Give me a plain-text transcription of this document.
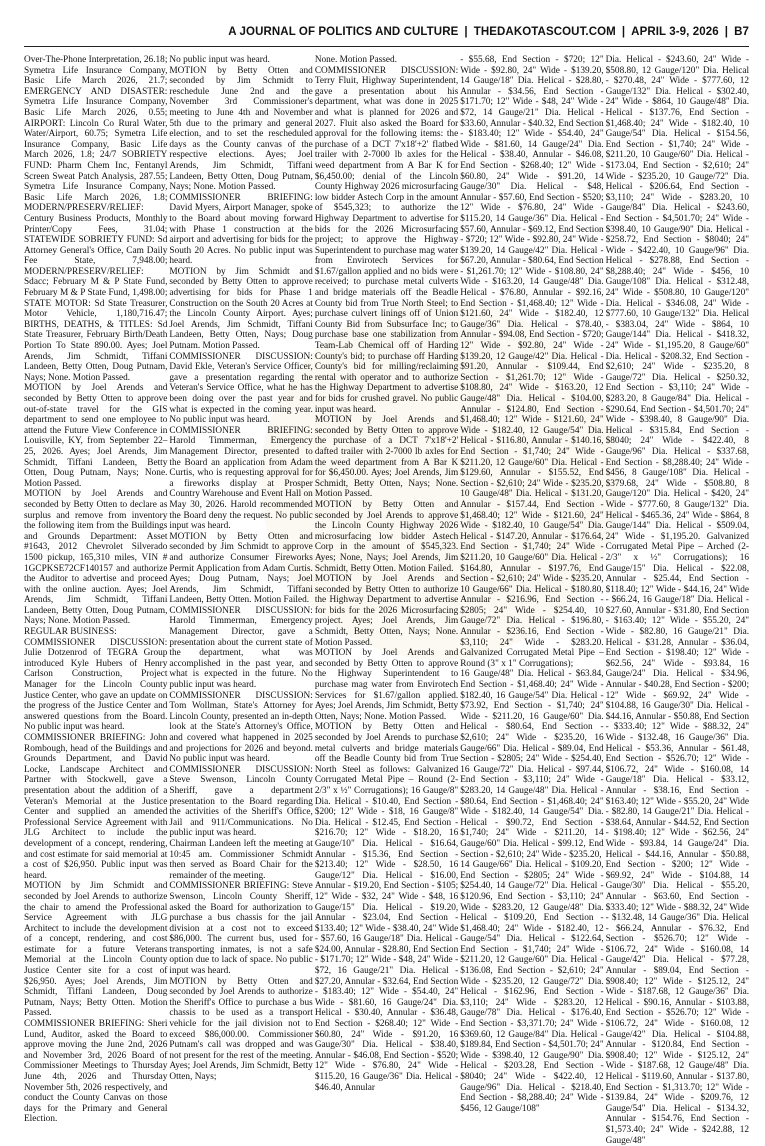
A JOURNAL OF POLITICS AND CULTURE | THEDAKOTASCOUT.COM | APRIL 3-9, 2026 | B7

Over-The-Phone Interpretation, 26.18; Symetra Life Insurance Company, Basic Life March 2026, 21.7; EMERGENCY AND DISASTER: Symetra Life Insurance Company, Basic Life March 2026, 0.55; AIRPORT: Lincoln Co Rural Water, Water/Airport, 60.75; Symetra Life Insurance Company, Basic Life March 2026, 1.8; 24/7 SOBRIETY FUND: Pharm Chem Inc, Fentanyl Screen Sweat Patch Analysis, 287.55; Symetra Life Insurance Company, Basic Life March 2026, 1.8; MODERN/PRESERV/RELIEF: Century Business Products, Monthly Printer/Copy Fees, 31.04; STATEWIDE SOBRIETY FUND: Sd Attorney General's Office, Cam Daily Fee State, 7,948.00; MODERN/PRESERV/RELIEF: Sdacc; February M & P State Fund, February M & P State Fund, 1,498.00; STATE MOTOR: Sd State Treasurer, Motor Vehicle, 1,180,716.47; BIRTHS, DEATHS, & TITLES: Sd State Treasurer, February Birth/Death Portion To State 890.00. Ayes; Joel Arends, Jim Schmidt, Tiffani Landeen, Betty Otten, Doug Putnam, Nays; None. Motion Passed.

MOTION by Joel Arends and seconded by Betty Otten to approve out-of-state travel for the GIS department to send one employee to attend the Future View Conference in Louisville, KY, from September 22–25, 2026. Ayes; Joel Arends, Jim Schmidt, Tiffani Landeen, Betty Otten, Doug Putnam, Nays; None. Motion Passed.

MOTION by Joel Arends and seconded by Betty Otten to declare as surplus and remove from inventory the following item from the Buildings and Grounds Department: Asset #1643, 2012 Chevrolet Silverado 1500 pickup, 165,310 miles, VIN # 1GCPKSE72CF140157 and authorize the Auditor to advertise and proceed with the online auction. Ayes; Joel Arends, Jim Schmidt, Tiffani Landeen, Betty Otten, Doug Putnam, Nays; None. Motion Passed.

REGULAR BUSINESS:

COMMISSIONER DISCUSSION: Julie Dotzenrod of TEGRA Group introduced Kyle Hubers of Henry Carlson Construction, Project Manager for the Lincoln County Justice Center, who gave an update on the progress of the Justice Center and answered questions from the Board. No public input was heard.

COMMISSIONER BRIEFING: John Rombough, head of the Buildings and Grounds Department, and David Locke, Landscape Architect and Partner with Stockwell, gave a presentation about the addition of a Veteran's Memorial at the Justice Center and supplied an amended Professional Service Agreement with JLG Architect to include the development of a concept, rendering, and cost estimate for said memorial at a cost of $26,950. Public input was heard.

MOTION by Jim Schmidt and seconded by Joel Arends to authorize the chair to amend the Professional Service Agreement with JLG Architect to include the development of a concept, rendering, and cost estimate for a future Veterans Memorial at the Lincoln County Justice Center site for a cost of $26,950. Ayes; Joel Arends, Jim Schmidt, Tiffani Landeen, Doug Putnam, Nays; Betty Otten. Motion Passed.

COMMISSIONER BRIEFING: Sheri Lund, Auditor, asked the Board to approve moving the June 2nd, 2026 and November 3rd, 2026 Board of Commissioner Meetings to Thursday June 4th, 2026 and Thursday November 5th, 2026 respectively, and conduct the County Canvas on those days for the Primary and General Election.

No public input was heard.

MOTION by Betty Otten and seconded by Jim Schmidt to reschedule June 2nd and the November 3rd Commissioner's meeting to June 4th and November 5th due to the primary and general election, and to set the rescheduled days as the County canvas of the respective elections. Ayes; Joel Arends, Jim Schmidt, Tiffani Landeen, Betty Otten, Doug Putnam, Nays; None. Motion Passed.

COMMISSIONER BRIEFING: David Myers, Airport Manager, spoke to the Board about moving forward with Phase 1 construction at the airport and advertising for bids for the South 20 Acres. No public input was heard.

MOTION by Jim Schmidt and seconded by Betty Otten to approve advertising for bids for Phase 1 Construction on the South 20 Acres at the Lincoln County Airport. Ayes; Joel Arends, Jim Schmidt, Tiffani Landeen, Betty Otten, Nays; Doug Putnam. Motion Passed.

COMMISSIONER DISCUSSION: David Ekle, Veteran's Service Officer, gave a presentation regarding the Veteran's Service Office, what he has been doing over the past year and what is expected in the coming year. No public input was heard.

COMMISSIONER BRIEFING: Harold Timmerman, Emergency Management Director, presented to the Board an application from Adam Curtis, who is requesting approval for a fireworks display at Prosper Country Warehouse and Event Hall on May 30, 2026. Harold recommended the Board deny the request. No public input was heard.

MOTION by Betty Otten and seconded by Jim Schmidt to approve and authorize Consumer Fireworks Permit Application from Adam Curtis. Ayes; Doug Putnam, Nays; Joel Arends, Jim Schmidt, Tiffani Landeen, Betty Otten. Motion Failed.

COMMISSIONER DISCUSSION: Harold Timmerman, Emergency Management Director, gave a presentation about the current state of the department, what was accomplished in the past year, and what is expected in the future. No public input was heard.

COMMISSIONER DISCUSSION: Tom Wollman, State's Attorney for Lincoln County, presented an in-depth look at the State's Attorney's Office, and covered what happened in 2025 and projections for 2026 and beyond. No public input was heard.

COMMISSIONER DISCUSSION: Steve Swenson, Lincoln County Sheriff, gave a department presentation to the Board regarding the activities of the Sheriff's Office, Jail and 911/Communications. No public input was heard.

Chairman Landeen left the meeting at 10:45 am. Commissioner Schmidt then served as Board Chair for the remainder of the meeting.

COMMISSIONER BRIEFING: Steve Swenson, Lincoln County Sheriff, asked the Board for authorization to purchase a bus chassis for the jail division at a cost not to exceed $86,000. The current bus, used for transporting inmates, is not a safe option due to lack of space. No public input was heard.

MOTION by Betty Otten and seconded by Joel Arends to authorize the Sheriff's Office to purchase a bus chassis to be used as a transport vehicle for the jail division not to exceed $86,000.00. Commissioner Putnam's call was dropped and was not present for the rest of the meeting. Ayes; Joel Arends, Jim Schmidt, Betty Otten, Nays;

None. Motion Passed.

COMMISSIONER DISCUSSION: Terry Fluit, Highway Superintendent, gave a presentation about his department, what was done in 2025 and what is planned for 2026 and 2027. Fluit also asked the Board for approval for the following items: the purchase of a DCT 7'x18'+2' flatbed trailer with 2-7000 lb axles for the weed department from A Bar K for $6,450.00; denial of the Lincoln County Highway 2026 microsurfacing low bidder Astech Corp in the amount of $545,323; to authorize the Highway Department to advertise for bids for the 2026 Microsurfacing project; to approve the Highway Superintendent to purchase mag water from Envirotech Services for $1.67/gallon applied and no bids were received; to purchase metal culverts and bridge materials off the Beadle County bid from True North Steel; to purchase culvert linings off of Union County Bid from Subsurface Inc; to purchase base one stabilization from Team-Lab Chemical off of Harding County's bid; to purchase off Harding County's bid for milling/reclaiming rental with operator and to authorize the Highway Department to advertise for bids for crushed gravel. No public input was heard.

MOTION by Joel Arends and seconded by Betty Otten to approve the purchase of a DCT 7'x18'+2' dafted trailer with 2-7000 lb axles for the weed department from A Bar K for $6,450.00. Ayes; Joel Arends, Jim Schmidt, Betty Otten, Nays; None. Motion Passed.

MOTION by Betty Otten and seconded by Joel Arends to approve the Lincoln County Highway 2026 microsurfacing low bidder Astech Corp in the amount of $545,323. Ayes; None, Nays; Joel Arends, Jim Schmidt, Betty Otten. Motion Failed.

MOTION by Joel Arends and seconded by Betty Otten to authorize the Highway Department to advertise for bids for the 2026 Microsurfacing project. Ayes; Joel Arends, Jim Schmidt, Betty Otten, Nays; None. Motion Passed.

MOTION by Joel Arends and seconded by Betty Otten to approve the Highway Superintendent to purchase mag water from Envirotech Services for $1.67/gallon applied. Ayes; Joel Arends, Jim Schmidt, Betty Otten, Nays; None. Motion Passed.

MOTION by Betty Otten and seconded by Joel Arends to purchase metal culverts and bridge materials off the Beadle County bid from True North Steel as follows: Galvanized Corrugated Metal Pipe – Round (2-2/3" x ½" Corrugations); 16 Gauge/8" Dia. Helical - $10.40, End Section - $200; 12" Wide - $18, 16 Gauge/8" Dia. Helical - $12.45, End Section - $216.70; 12" Wide - $18.20, 16 Gauge/10" Dia. Helical - $16.64, Annular - $15.36, End Section - $213.40; 12" Wide - $28.50, 16 Gauge/12" Dia. Helical - $16.00, Annular - $19.20, End Section - $105; 12" Wide - $32, 24" Wide - $48, 16 Gauge/15" Dia. Helical - $19.20, Annular - $23.04, End Section - $133.40; 12" Wide - $38.40, 24" Wide - $57.60, 16 Gauge/18" Dia. Helical - $24.00, Annular - $28.80, End Section - $171.70; 12" Wide - $48, 24" Wide - $72, 16 Gauge/21" Dia. Helical - $27.20, Annular - $32.64, End Section - $183.40; 12" Wide - $54.40, 24" Wide - $81.60, 16 Gauge/24" Dia. Helical - $30.40, Annular - $36.48, End Section - $268.40; 12" Wide - $60.80, 24" Wide - $91.20, 16 Gauge/30" Dia. Helical - $38.40, Annular - $46.08, End Section - $520; 12" Wide - $76.80, 24" Wide - $115.20, 16 Gauge/36" Dia. Helical - $46.40, Annular

- $55.68, End Section - $720; 12" Wide - $92.80, 24" Wide - $139.20, 14 Gauge/18" Dia. Helical - $28.80, Annular - $34.56, End Section - $171.70; 12" Wide - $48, 24" Wide - $72, 14 Gauge/21" Dia. Helical - $33.60, Annular - $40.32, End Section - $183.40; 12" Wide - $54.40, 24" Wide - $81.60, 14 Gauge/24" Dia. Helical - $38.40, Annular - $46.08, End Section - $268.40; 12" Wide - $60.80, 24" Wide - $91.20, 14 Gauge/30" Dia. Helical - $48, Annular - $57.60, End Section - $520; 12" Wide - $76.80, 24" Wide - $115.20, 14 Gauge/36" Dia. Helical - $57.60, Annular - $69.12, End Section - $720; 12" Wide - $92.80, 24" Wide - $139.20, 14 Gauge/42" Dia. Helical - $67.20, Annular - $80.64, End Section - $1,261.70; 12" Wide - $108.80, 24" Wide - $163.20, 14 Gauge/48" Dia. Helical - $76.80, Annular - $92.16, End Section - $1,468.40; 12" Wide - $121.60, 24" Wide - $182.40, 12 Gauge/36" Dia. Helical - $78.40, Annular - $94.08, End Section - $720; 12" Wide - $92.80, 24" Wide - $139.20, 12 Gauge/42" Dia. Helical - $91.20, Annular - $109.44, End Section - $1,261.70; 12" Wide - $108.80, 24" Wide - $163.20, 12 Gauge/48" Dia. Helical - $104.00, Annular - $124.80, End Section - $1,468.40; 12" Wide - $121.60, 24" Wide - $182.40, 12 Gauge/54" Dia. Helical - $116.80, Annular - $140.16, End Section - $1,740; 24" Wide - $211.20, 12 Gauge/60" Dia. Helical - $129.60, Annular - $155.52, End Section - $2,610; 24" Wide - $235.20, 10 Gauge/48" Dia. Helical - $131.20, Annular - $157.44, End Section - $1,468.40; 12" Wide - $121.60, 24" Wide - $182.40, 10 Gauge/54" Dia. Helical - $147.20, Annular - $176.64, End Section - $1,740; 24" Wide - $211.20, 10 Gauge/60" Dia. Helical - $164.80, Annular - $197.76, End Section - $2,610; 24" Wide - $235.20, 10 Gauge/66" Dia. Helical - $180.80, Annular - $216.96, End Section - $2805; 24" Wide - $254.40, 10 Gauge/72" Dia. Helical - $196.80, Annular - $236.16, End Section - $3,110; 24" Wide - $283.20. Galvanized Corrugated Metal Pipe – Round (3" x 1" Corrugations);

16 Gauge/48" Dia. Helical - $63.84, End Section - $1,468.40; 24" Wide - $182.40, 16 Gauge/54" Dia. Helical - $73.92, End Section - $1,740; 24" Wide - $211.20, 16 Gauge/60" Dia. Helical - $80.64, End Section - $2,610; 24" Wide - $235.20, 16 Gauge/66" Dia. Helical - $89.04, End Section - $2805; 24" Wide - $254.40, 16 Gauge/72" Dia. Helical - $97.44, End Section - $3,110; 24" Wide - $283.20, 14 Gauge/48" Dia. Helical - $80.64, End Section - $1,468.40; 24" Wide - $182.40, 14 Gauge/54" Dia. Helical - $90.72, End Section - $1,740; 24" Wide - $211.20, 14 Gauge/60" Dia. Helical - $99.12, End Section - $2,610; 24" Wide - $235.20,

14 Gauge/66" Dia. Helical - $109.20, End Section - $2805; 24" Wide - $254.40, 14 Gauge/72" Dia. Helical - $120.96, End Section - $3,110; 24" Wide - $283.20, 12 Gauge/48" Dia. Helical - $109.20, End Section - $1,468.40; 24" Wide - $182.40, 12 Gauge/54" Dia. Helical - $122.64, End Section - $1,740; 24" Wide - $211.20, 12 Gauge/60" Dia. Helical - $136.08, End Section - $2,610; 24" Wide - $235.20, 12 Gauge/72" Dia. Helical - $162.96, End Section - $3,110; 24" Wide - $283.20, 12 Gauge/78" Dia. Helical - $176.40, End Section - $3,371.70; 24" Wide - $369.60, 12 Gauge/84" Dia. Helical - $189.84, End Section - $4,501.70; 24" Wide - $398.40, 12 Gauge/90" Dia. Helical - $203.28, End Section - $8040; 24" Wide - $422.40, 12 Gauge/96" Dia. Helical - $218.40, End Section - $8,288.40; 24" Wide - $456, 12 Gauge/108"

Dia. Helical - $243.60, 24" Wide - $508.80, 12 Gauge/120" Dia. Helical - $270.48, 24" Wide - $777.60, 12 Gauge/132" Dia. Helical - $302.40, 24" Wide - $864, 10 Gauge/48" Dia. Helical - $137.76, End Section - $1,468.40; 24" Wide - $182.40, 10 Gauge/54" Dia. Helical - $154.56, End Section - $1,740; 24" Wide - $211.20, 10 Gauge/60" Dia. Helical - $173.04, End Section - $2,610; 24" Wide - $235.20, 10 Gauge/72" Dia. Helical - $206.64, End Section - $3,110; 24" Wide - $283.20, 10 Gauge/84" Dia. Helical - $243.60, End Section - $4,501.70; 24" Wide - $398.40, 10 Gauge/90" Dia. Helical - $258.72, End Section - $8040; 24" Wide - $422.40, 10 Gauge/96" Dia. Helical - $278.88, End Section - $8,288.40; 24" Wide - $456, 10 Gauge/108" Dia. Helical - $312.48, 24" Wide - $508.80, 10 Gauge/120" Dia. Helical - $346.08, 24" Wide - $777.60, 10 Gauge/132" Dia. Helical - $383.04, 24" Wide - $864, 10 Gauge/144" Dia. Helical - $418.32, 24" Wide - $1,195.20, 8 Gauge/60" Dia. Helical - $208.32, End Section - $2,610; 24" Wide - $235.20, 8 Gauge/72" Dia. Helical - $250.32, End Section - $3,110; 24" Wide - $283.20, 8 Gauge/84" Dia. Helical - $290.64, End Section - $4,501.70; 24" Wide - $398.40, 8 Gauge/90" Dia. Helical - $315.84, End Section - $8040; 24" Wide - $422.40, 8 Gauge/96" Dia. Helical - $337.68, End Section - $8,288.40; 24" Wide - $456, 8 Gauge/108" Dia. Helical - $379.68, 24" Wide - $508.80, 8 Gauge/120" Dia. Helical - $420, 24" Wide - $777.60, 8 Gauge/132" Dia. Helical - $465.36, 24" Wide - $864, 8 Gauge/144" Dia. Helical - $509.04, 24" Wide - $1,195.20. Galvanized Corrugated Metal Pipe – Arched (2-2/3" x ½" Corrugations); 16 Gauge/15" Dia. Helical - $22.08, Annular - $25.44, End Section - $118.40; 12" Wide - $44.16, 24" Wide - $66.24, 16 Gauge/18" Dia. Helical - $27.60, Annular - $31.80, End Section - $163.40; 12" Wide - $55.20, 24" Wide - $82.80, 16 Gauge/21" Dia. Helical - $31.28, Annular - $36.04, End Section - $198.40; 12" Wide - $62.56, 24" Wide - $93.84, 16 Gauge/24" Dia. Helical - $34.96, Annular - $40.28, End Section - $200; 12" Wide - $69.92, 24" Wide - $104.88, 16 Gauge/30" Dia. Helical - $44.16, Annular - $50.88, End Section - $333.40; 12" Wide - $88.32, 24" Wide - $132.48, 16 Gauge/36" Dia. Helical - $53.36, Annular - $61.48, End Section - $526.70; 12" Wide - $106.72, 24" Wide - $160.08, 14 Gauge/18" Dia. Helical - $33.12, Annular - $38.16, End Section - $163.40; 12" Wide - $55.20, 24" Wide - $82.80, 14 Gauge/21" Dia. Helical - $38.64, Annular - $44.52, End Section - $198.40; 12" Wide - $62.56, 24" Wide - $93.84, 14 Gauge/24" Dia. Helical - $44.16, Annular - $50.88, End Section - $200; 12" Wide - $69.92, 24" Wide - $104.88, 14 Gauge/30" Dia. Helical - $55.20, Annular - $63.60, End Section - $333.40; 12" Wide - $88.32, 24" Wide - $132.48, 14 Gauge/36" Dia. Helical - $66.24, Annular - $76.32, End Section - $526.70; 12" Wide - $106.72, 24" Wide - $160.08, 14 Gauge/42" Dia. Helical - $77.28, Annular - $89.04, End Section - $908.40; 12" Wide - $125.12, 24" Wide - $187.68, 12 Gauge/36" Dia. Helical - $90.16, Annular - $103.88, End Section - $526.70; 12" Wide - $106.72, 24" Wide - $160.08, 12 Gauge/42" Dia. Helical - $104.88, Annular - $120.84, End Section - $908.40; 12" Wide - $125.12, 24" Wide - $187.68, 12 Gauge/48" Dia. Helical - $119.60, Annular - $137.80, End Section - $1,313.70; 12" Wide - $139.84, 24" Wide - $209.76, 12 Gauge/54" Dia. Helical - $134.32, Annular - $154.76, End Section - $1,573.40; 24" Wide - $242.88, 12 Gauge/48"
